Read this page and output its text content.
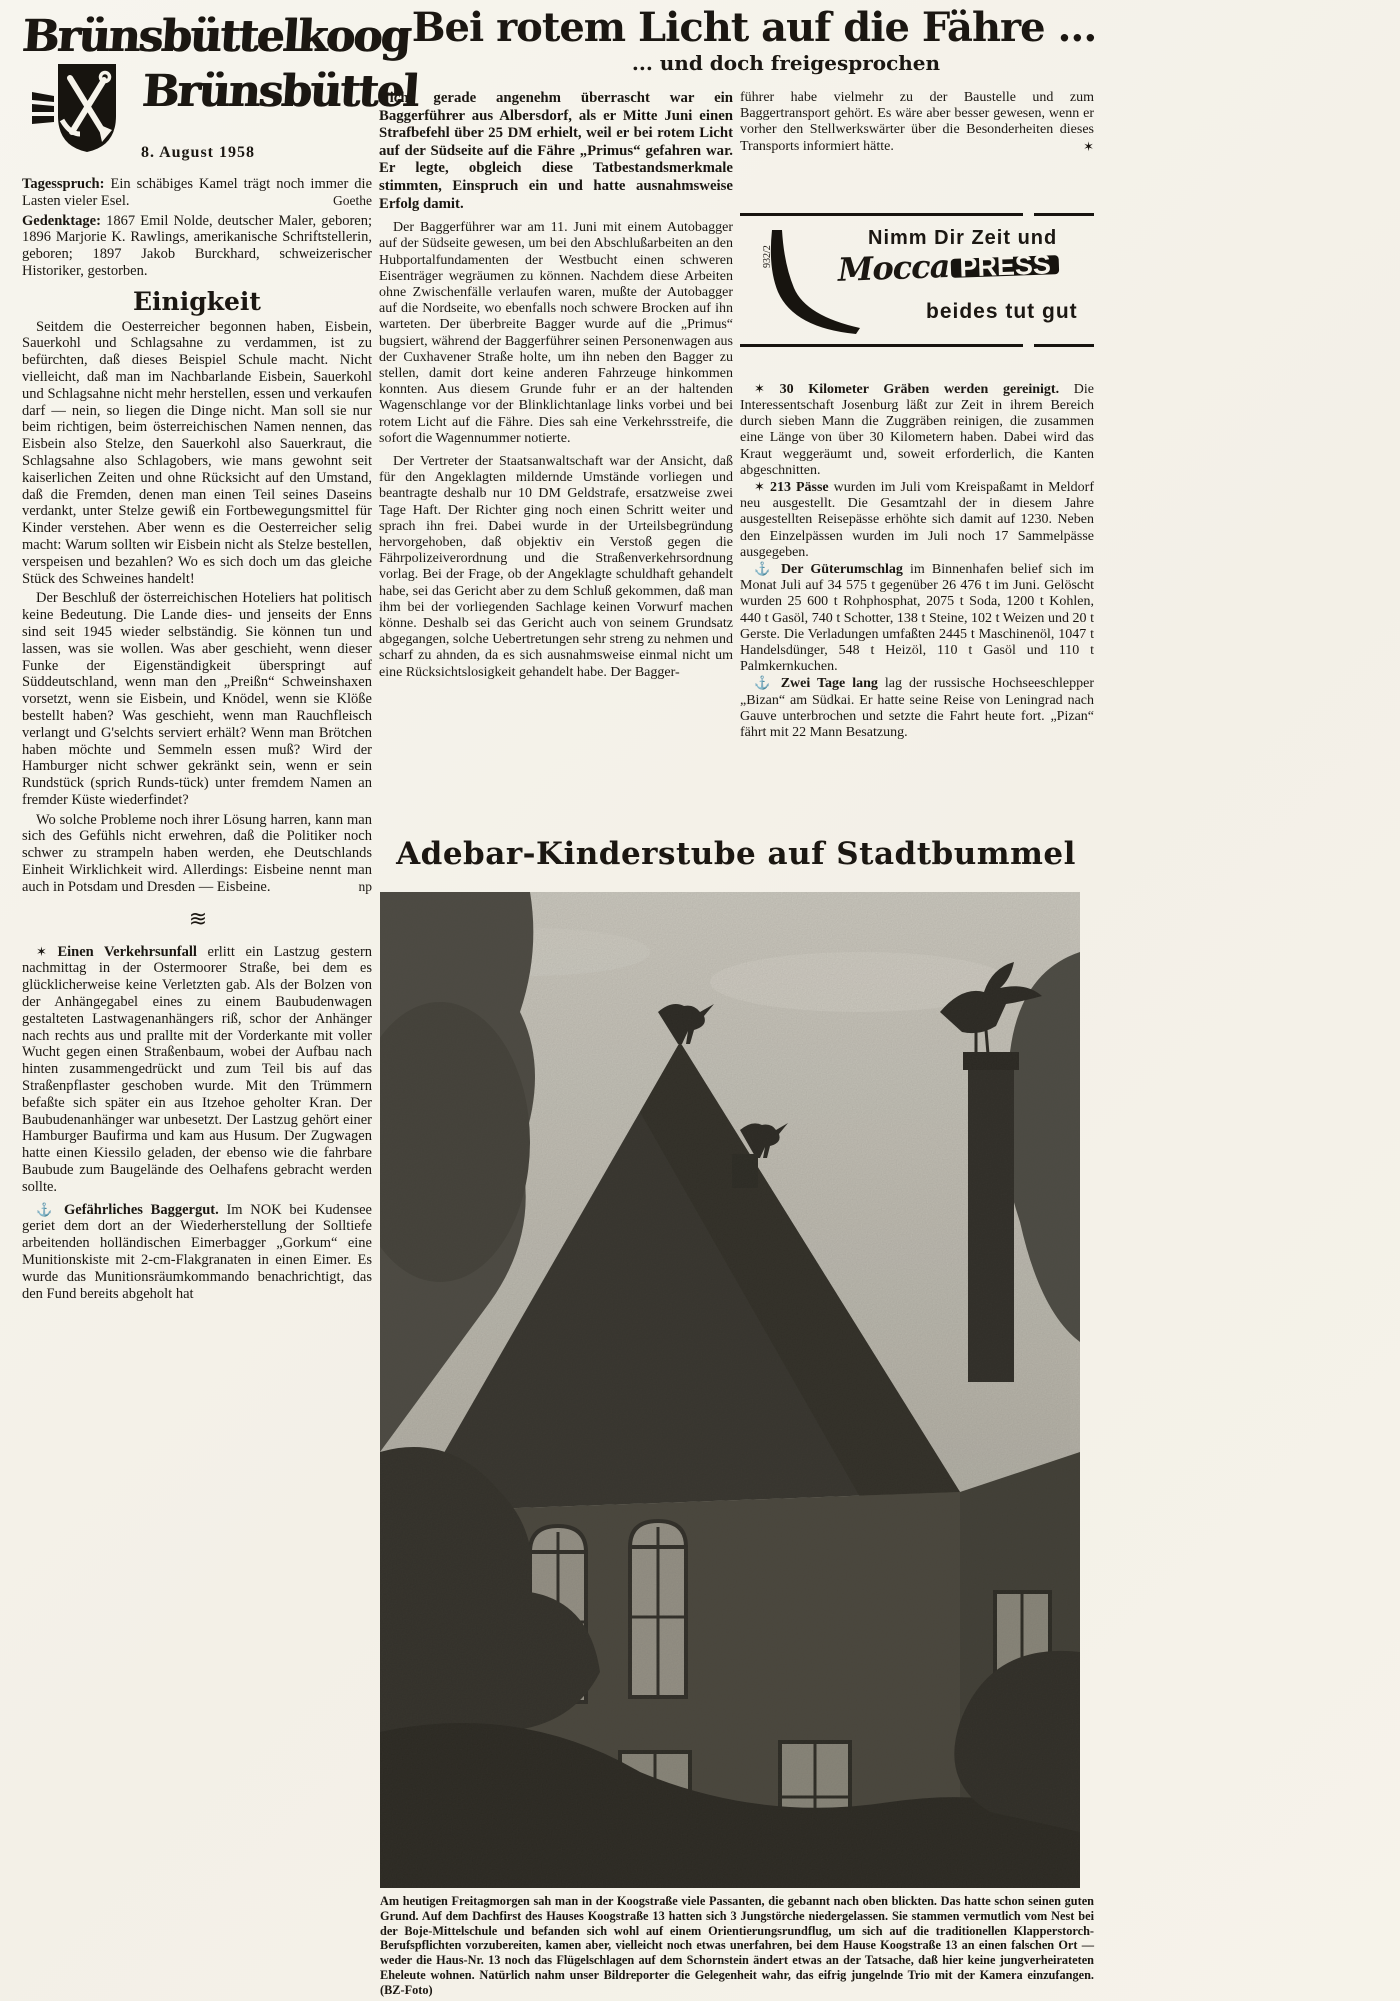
Brünsbüttelkoog
Brünsbüttel
8. August 1958

Tagesspruch: Ein schäbiges Kamel trägt noch immer die Lasten vieler Esel.	Goethe

Gedenktage: 1867 Emil Nolde, deutscher Maler, geboren; 1896 Marjorie K. Rawlings, amerikanische Schriftstellerin, geboren; 1897 Jakob Burckhard, schweizerischer Historiker, gestorben.

Einigkeit

Seitdem die Oesterreicher begonnen haben, Eisbein, Sauerkohl und Schlagsahne zu verdammen, ist zu befürchten, daß dieses Beispiel Schule macht. Nicht vielleicht, daß man im Nachbarlande Eisbein, Sauerkohl und Schlagsahne nicht mehr herstellen, essen und verkaufen darf — nein, so liegen die Dinge nicht. Man soll sie nur beim richtigen, beim österreichischen Namen nennen, das Eisbein also Stelze, den Sauerkohl also Sauerkraut, die Schlagsahne also Schlagobers, wie mans gewohnt seit kaiserlichen Zeiten und ohne Rücksicht auf den Umstand, daß die Fremden, denen man einen Teil seines Daseins verdankt, unter Stelze gewiß ein Fortbewegungsmittel für Kinder verstehen. Aber wenn es die Oesterreicher selig macht: Warum sollten wir Eisbein nicht als Stelze bestellen, verspeisen und bezahlen? Wo es sich doch um das gleiche Stück des Schweines handelt!

Der Beschluß der österreichischen Hoteliers hat politisch keine Bedeutung. Die Lande dies- und jenseits der Enns sind seit 1945 wieder selbständig. Sie können tun und lassen, was sie wollen. Was aber geschieht, wenn dieser Funke der Eigenständigkeit überspringt auf Süddeutschland, wenn man den „Preißn“ Schweinshaxen vorsetzt, wenn sie Eisbein, und Knödel, wenn sie Klöße bestellt haben? Was geschieht, wenn man Rauchfleisch verlangt und G'selchts serviert erhält? Wenn man Brötchen haben möchte und Semmeln essen muß? Wird der Hamburger nicht schwer gekränkt sein, wenn er sein Rundstück (sprich Runds-tück) unter fremdem Namen an fremder Küste wiederfindet?

Wo solche Probleme noch ihrer Lösung harren, kann man sich des Gefühls nicht erwehren, daß die Politiker noch schwer zu strampeln haben werden, ehe Deutschlands Einheit Wirklichkeit wird. Allerdings: Eisbeine nennt man auch in Potsdam und Dresden — Eisbeine.	np

≋

✶ Einen Verkehrsunfall erlitt ein Lastzug gestern nachmittag in der Ostermoorer Straße, bei dem es glücklicherweise keine Verletzten gab. Als der Bolzen von der Anhängegabel eines zu einem Baubudenwagen gestalteten Lastwagenanhängers riß, schor der Anhänger nach rechts aus und prallte mit der Vorderkante mit voller Wucht gegen einen Straßenbaum, wobei der Aufbau nach hinten zusammengedrückt und zum Teil bis auf das Straßenpflaster geschoben wurde. Mit den Trümmern befaßte sich später ein aus Itzehoe geholter Kran. Der Baubudenanhänger war unbesetzt. Der Lastzug gehört einer Hamburger Baufirma und kam aus Husum. Der Zugwagen hatte einen Kiessilo geladen, der ebenso wie die fahrbare Baubude zum Baugelände des Oelhafens gebracht werden sollte.

⚓ Gefährliches Baggergut. Im NOK bei Kudensee geriet dem dort an der Wiederherstellung der Solltiefe arbeitenden holländischen Eimerbagger „Gorkum“ eine Munitionskiste mit 2-cm-Flakgranaten in einen Eimer. Es wurde das Munitionsräumkommando benachrichtigt, das den Fund bereits abgeholt hat

Bei rotem Licht auf die Fähre ...
... und doch freigesprochen

Nicht gerade angenehm überrascht war ein Baggerführer aus Albersdorf, als er Mitte Juni einen Strafbefehl über 25 DM erhielt, weil er bei rotem Licht auf der Südseite auf die Fähre „Primus“ gefahren war. Er legte, obgleich diese Tatbestandsmerkmale stimmten, Einspruch ein und hatte ausnahmsweise Erfolg damit.

Der Baggerführer war am 11. Juni mit einem Autobagger auf der Südseite gewesen, um bei den Abschlußarbeiten an den Hubportalfundamenten der Westbucht einen schweren Eisenträger wegräumen zu können. Nachdem diese Arbeiten ohne Zwischenfälle verlaufen waren, mußte der Autobagger auf die Nordseite, wo ebenfalls noch schwere Brocken auf ihn warteten. Der überbreite Bagger wurde auf die „Primus“ bugsiert, während der Baggerführer seinen Personenwagen aus der Cuxhavener Straße holte, um ihn neben den Bagger zu stellen, damit dort keine anderen Fahrzeuge hinkommen konnten. Aus diesem Grunde fuhr er an der haltenden Wagenschlange vor der Blinklichtanlage links vorbei und bei rotem Licht auf die Fähre. Dies sah eine Verkehrsstreife, die sofort die Wagennummer notierte.

Der Vertreter der Staatsanwaltschaft war der Ansicht, daß für den Angeklagten mildernde Umstände vorliegen und beantragte deshalb nur 10 DM Geldstrafe, ersatzweise zwei Tage Haft. Der Richter ging noch einen Schritt weiter und sprach ihn frei. Dabei wurde in der Urteilsbegründung hervorgehoben, daß objektiv ein Verstoß gegen die Fährpolizeiverordnung und die Straßenverkehrsordnung vorlag. Bei der Frage, ob der Angeklagte schuldhaft gehandelt habe, sei das Gericht aber zu dem Schluß gekommen, daß man ihm bei der vorliegenden Sachlage keinen Vorwurf machen könne. Deshalb sei das Gericht auch von seinem Grundsatz abgegangen, solche Uebertretungen sehr streng zu nehmen und scharf zu ahnden, da es sich ausnahmsweise einmal nicht um eine Rücksichtslosigkeit gehandelt habe. Der Bagger-

führer habe vielmehr zu der Baustelle und zum Baggertransport gehört. Es wäre aber besser gewesen, wenn er vorher den Stellwerkswärter über die Besonderheiten dieses Transports informiert hätte.	✶

932/2
Nimm Dir Zeit und
Mocca PRESS
beides tut gut

✶ 30 Kilometer Gräben werden gereinigt. Die Interessentschaft Josenburg läßt zur Zeit in ihrem Bereich durch sieben Mann die Zuggräben reinigen, die zusammen eine Länge von über 30 Kilometern haben. Dabei wird das Kraut weggeräumt und, soweit erforderlich, die Kanten abgeschnitten.

✶ 213 Pässe wurden im Juli vom Kreispaßamt in Meldorf neu ausgestellt. Die Gesamtzahl der in diesem Jahre ausgestellten Reisepässe erhöhte sich damit auf 1230. Neben den Einzelpässen wurden im Juli noch 17 Sammelpässe ausgegeben.

⚓ Der Güterumschlag im Binnenhafen belief sich im Monat Juli auf 34 575 t gegenüber 26 476 t im Juni. Gelöscht wurden 25 600 t Rohphosphat, 2075 t Soda, 1200 t Kohlen, 440 t Gasöl, 740 t Schotter, 138 t Steine, 102 t Weizen und 20 t Gerste. Die Verladungen umfaßten 2445 t Maschinenöl, 1047 t Handelsdünger, 548 t Heizöl, 110 t Gasöl und 110 t Palmkernkuchen.

⚓ Zwei Tage lang lag der russische Hochseeschlepper „Bizan“ am Südkai. Er hatte seine Reise von Leningrad nach Gauve unterbrochen und setzte die Fahrt heute fort. „Pizan“ fährt mit 22 Mann Besatzung.

Adebar-Kinderstube auf Stadtbummel

Am heutigen Freitagmorgen sah man in der Koogstraße viele Passanten, die gebannt nach oben blickten. Das hatte schon seinen guten Grund. Auf dem Dachfirst des Hauses Koogstraße 13 hatten sich 3 Jungstörche niedergelassen. Sie stammen vermutlich vom Nest bei der Boje-Mittelschule und befanden sich wohl auf einem Orientierungsrundflug, um sich auf die traditionellen Klapperstorch-Berufspflichten vorzubereiten, kamen aber, vielleicht noch etwas unerfahren, bei dem Hause Koogstraße 13 an einen falschen Ort — weder die Haus-Nr. 13 noch das Flügelschlagen auf dem Schornstein ändert etwas an der Tatsache, daß hier keine jungverheirateten Eheleute wohnen. Natürlich nahm unser Bildreporter die Gelegenheit wahr, das eifrig jungelnde Trio mit der Kamera einzufangen. (BZ-Foto)
